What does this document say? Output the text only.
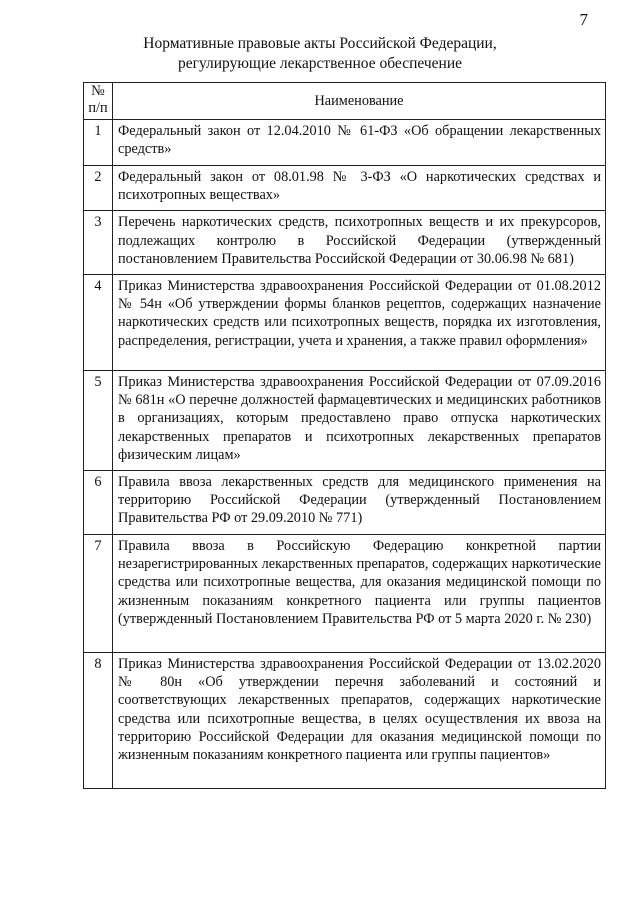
7
Нормативные правовые акты Российской Федерации,
регулирующие лекарственное обеспечение
№
п/п	Наименование
1	Федеральный закон от 12.04.2010 № 61-ФЗ «Об обращении лекарственных средств»
2	Федеральный закон от 08.01.98 № 3-ФЗ «О наркотических средствах и психотропных веществах»
3	Перечень наркотических средств, психотропных веществ и их прекурсоров, подлежащих контролю в Российской Федерации (утвержденный постановлением Правительства Российской Федерации от 30.06.98 № 681)
4	Приказ Министерства здравоохранения Российской Федерации от 01.08.2012 № 54н «Об утверждении формы бланков рецептов, содержащих назначение наркотических средств или психотропных веществ, порядка их изготовления, распределения, регистрации, учета и хранения, а также правил оформления»
5	Приказ Министерства здравоохранения Российской Федерации от 07.09.2016 № 681н «О перечне должностей фармацевтических и медицинских работников в организациях, которым предоставлено право отпуска наркотических лекарственных препаратов и психотропных лекарственных препаратов физическим лицам»
6	Правила ввоза лекарственных средств для медицинского применения на территорию Российской Федерации (утвержденный Постановлением Правительства РФ от 29.09.2010 № 771)
7	Правила ввоза в Российскую Федерацию конкретной партии незарегистрированных лекарственных препаратов, содержащих наркотические средства или психотропные вещества, для оказания медицинской помощи по жизненным показаниям конкретного пациента или группы пациентов (утвержденный Постановлением Правительства РФ от 5 марта 2020 г. № 230)
8	Приказ Министерства здравоохранения Российской Федерации от 13.02.2020 № 80н «Об утверждении перечня заболеваний и состояний и соответствующих лекарственных препаратов, содержащих наркотические средства или психотропные вещества, в целях осуществления их ввоза на территорию Российской Федерации для оказания медицинской помощи по жизненным показаниям конкретного пациента или группы пациентов»
